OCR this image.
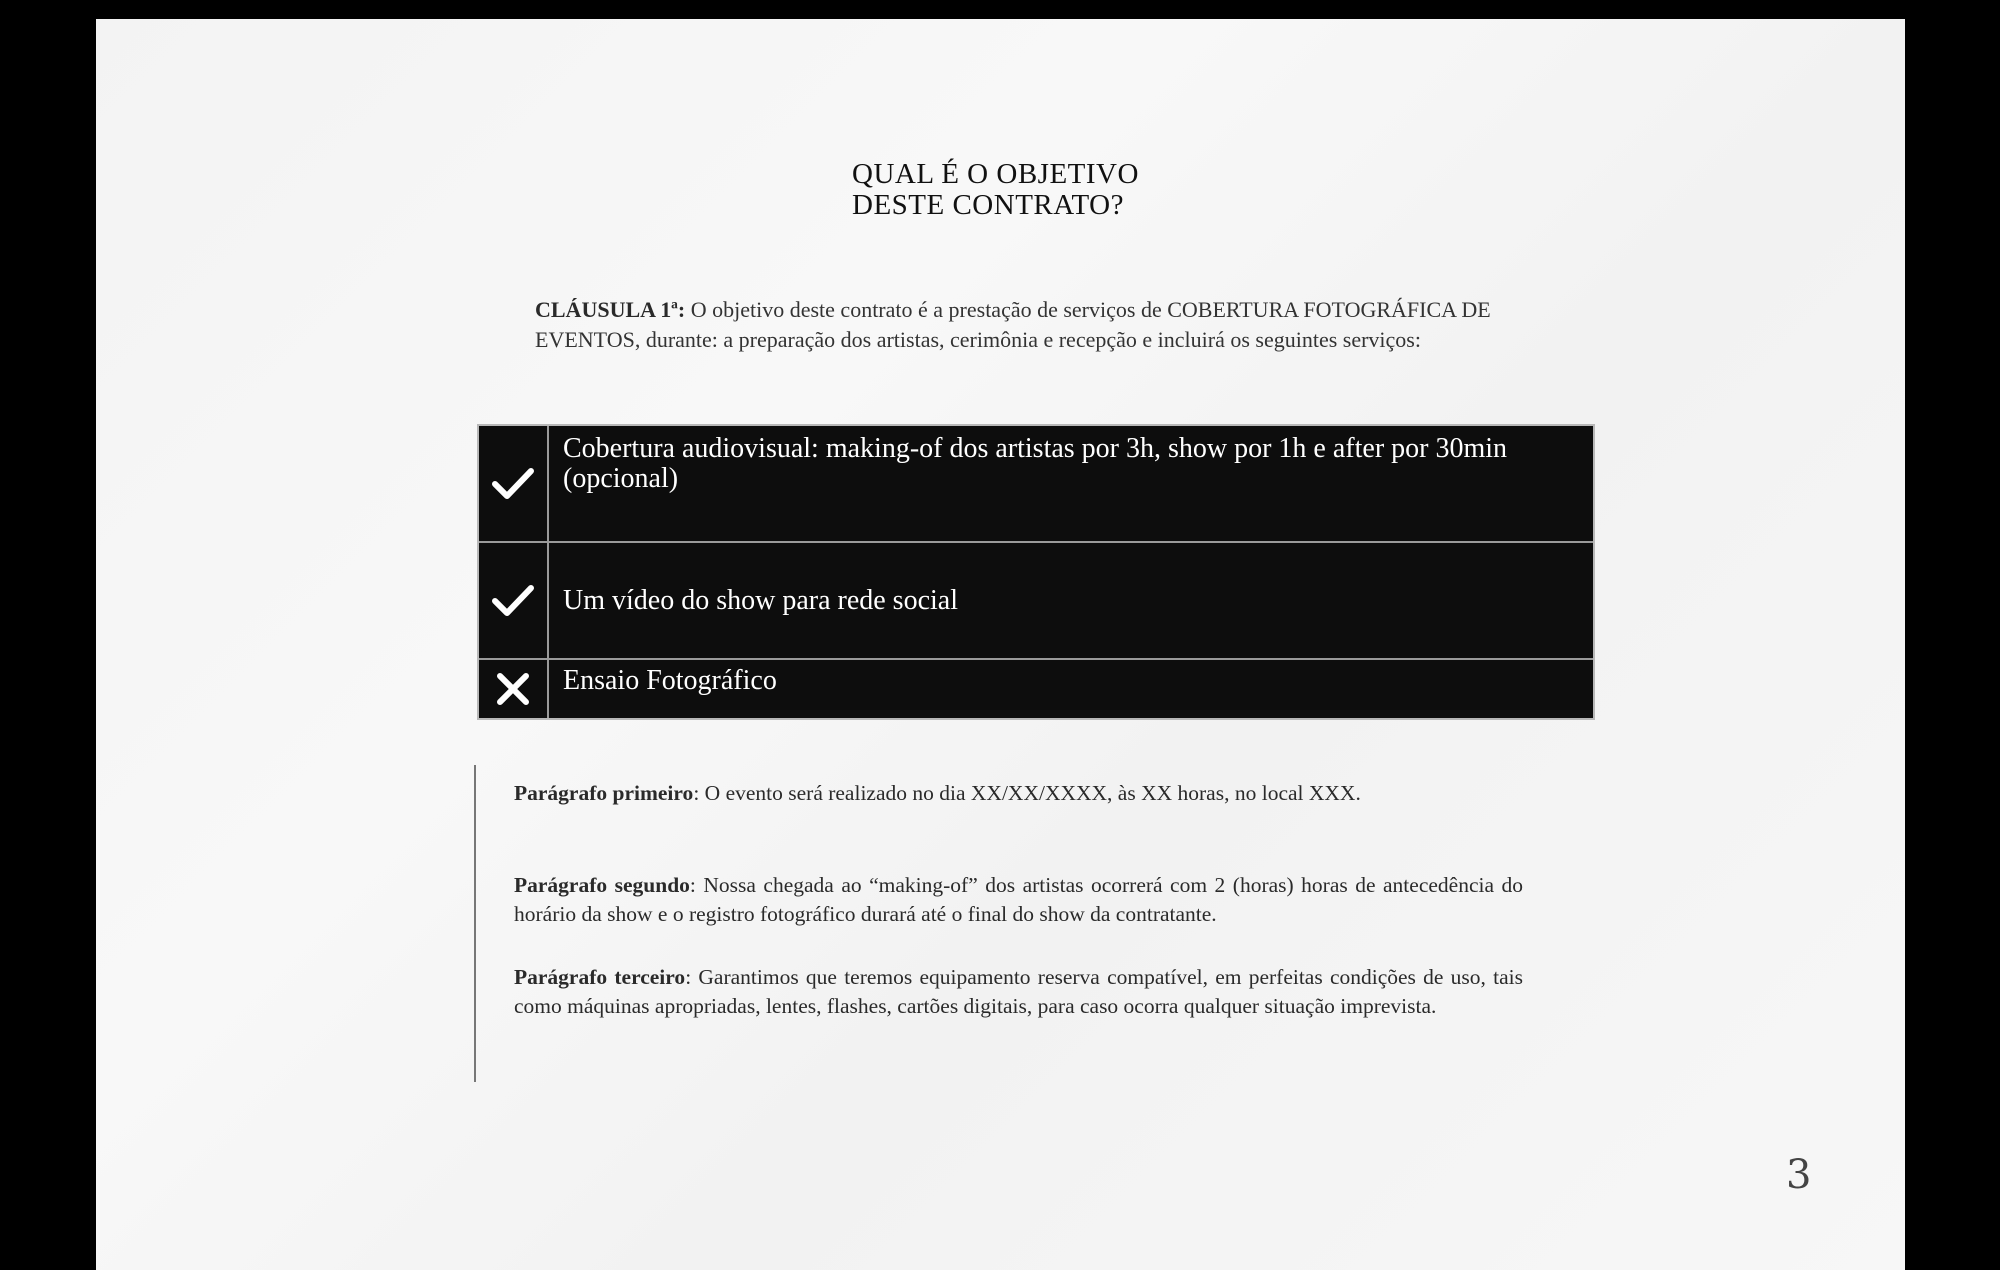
QUAL É O OBJETIVO
DESTE CONTRATO?
CLÁUSULA 1ª: O objetivo deste contrato é a prestação de serviços de COBERTURA FOTOGRÁFICA DE EVENTOS, durante: a preparação dos artistas, cerimônia e recepção e incluirá os seguintes serviços:
Cobertura audiovisual: making-of dos artistas por 3h, show por 1h e after por 30min (opcional)
Um vídeo do show para rede social
Ensaio Fotográfico
Parágrafo primeiro: O evento será realizado no dia XX/XX/XXXX, às XX horas, no local XXX.
Parágrafo segundo: Nossa chegada ao “making-of” dos artistas ocorrerá com 2 (horas) horas de antecedência do horário da show e o registro fotográfico durará até o final do show da contratante.
Parágrafo terceiro: Garantimos que teremos equipamento reserva compatível, em perfeitas condições de uso, tais como máquinas apropriadas, lentes, flashes, cartões digitais, para caso ocorra qualquer situação imprevista.
3
